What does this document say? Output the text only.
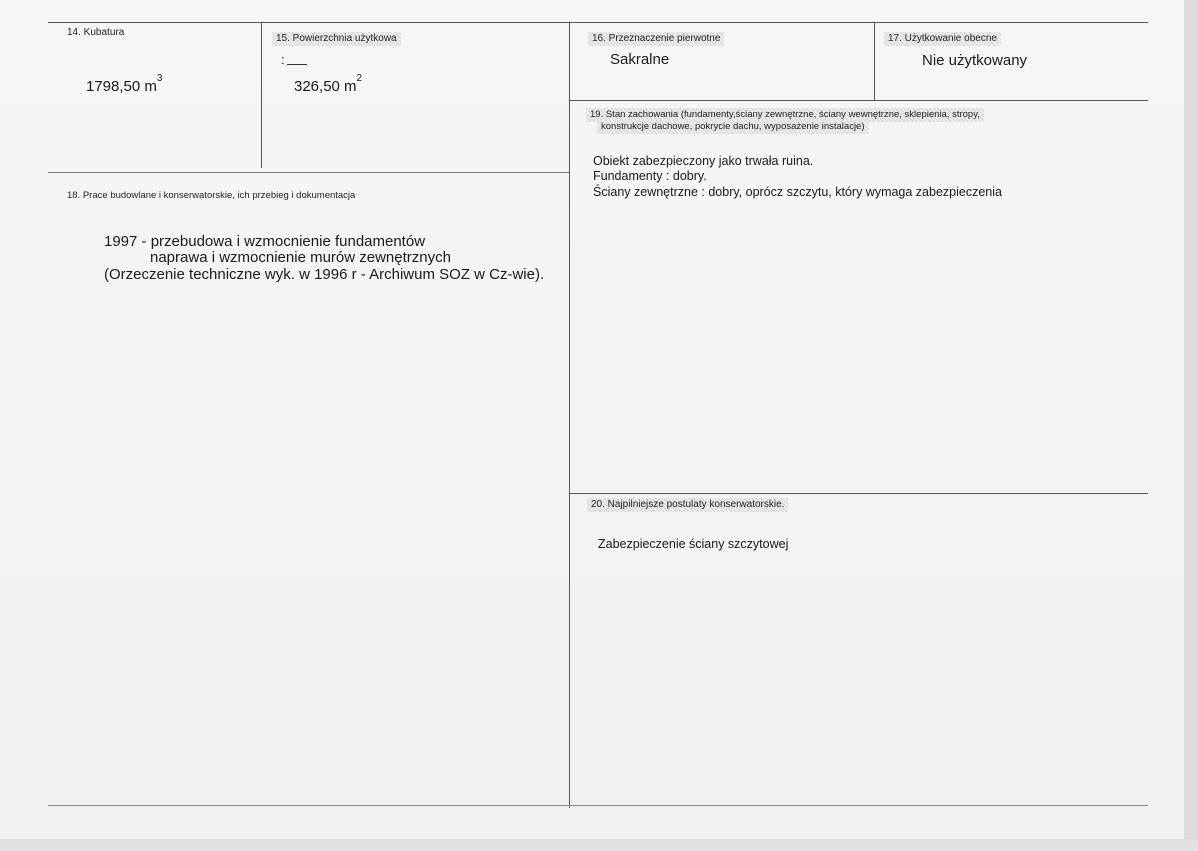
14. Kubatura
1798,50 $m^3$
15. Powierzchnia użytkowa
:
326,50 $m^2$
16. Przeznaczenie pierwotne
Sakralne
17. Użytkowanie obecne
Nie użytkowany
18. Prace budowlane i konserwatorskie, ich przebieg i dokumentacja
1997 - przebudowa i wzmocnienie fundamentów
naprawa i wzmocnienie murów zewnętrznych
(Orzeczenie techniczne wyk. w 1996 r - Archiwum SOZ w Cz-wie).
19. Stan zachowania (fundamenty,ściany zewnętrzne, ściany wewnętrzne, sklepienia, stropy,
konstrukcje dachowe, pokrycie dachu, wyposażenie instalacje)
Obiekt zabezpieczony jako trwała ruina.
Fundamenty : dobry.
Ściany zewnętrzne : dobry, oprócz szczytu, który wymaga zabezpieczenia
20. Najpilniejsze postulaty konserwatorskie.
Zabezpieczenie ściany szczytowej
